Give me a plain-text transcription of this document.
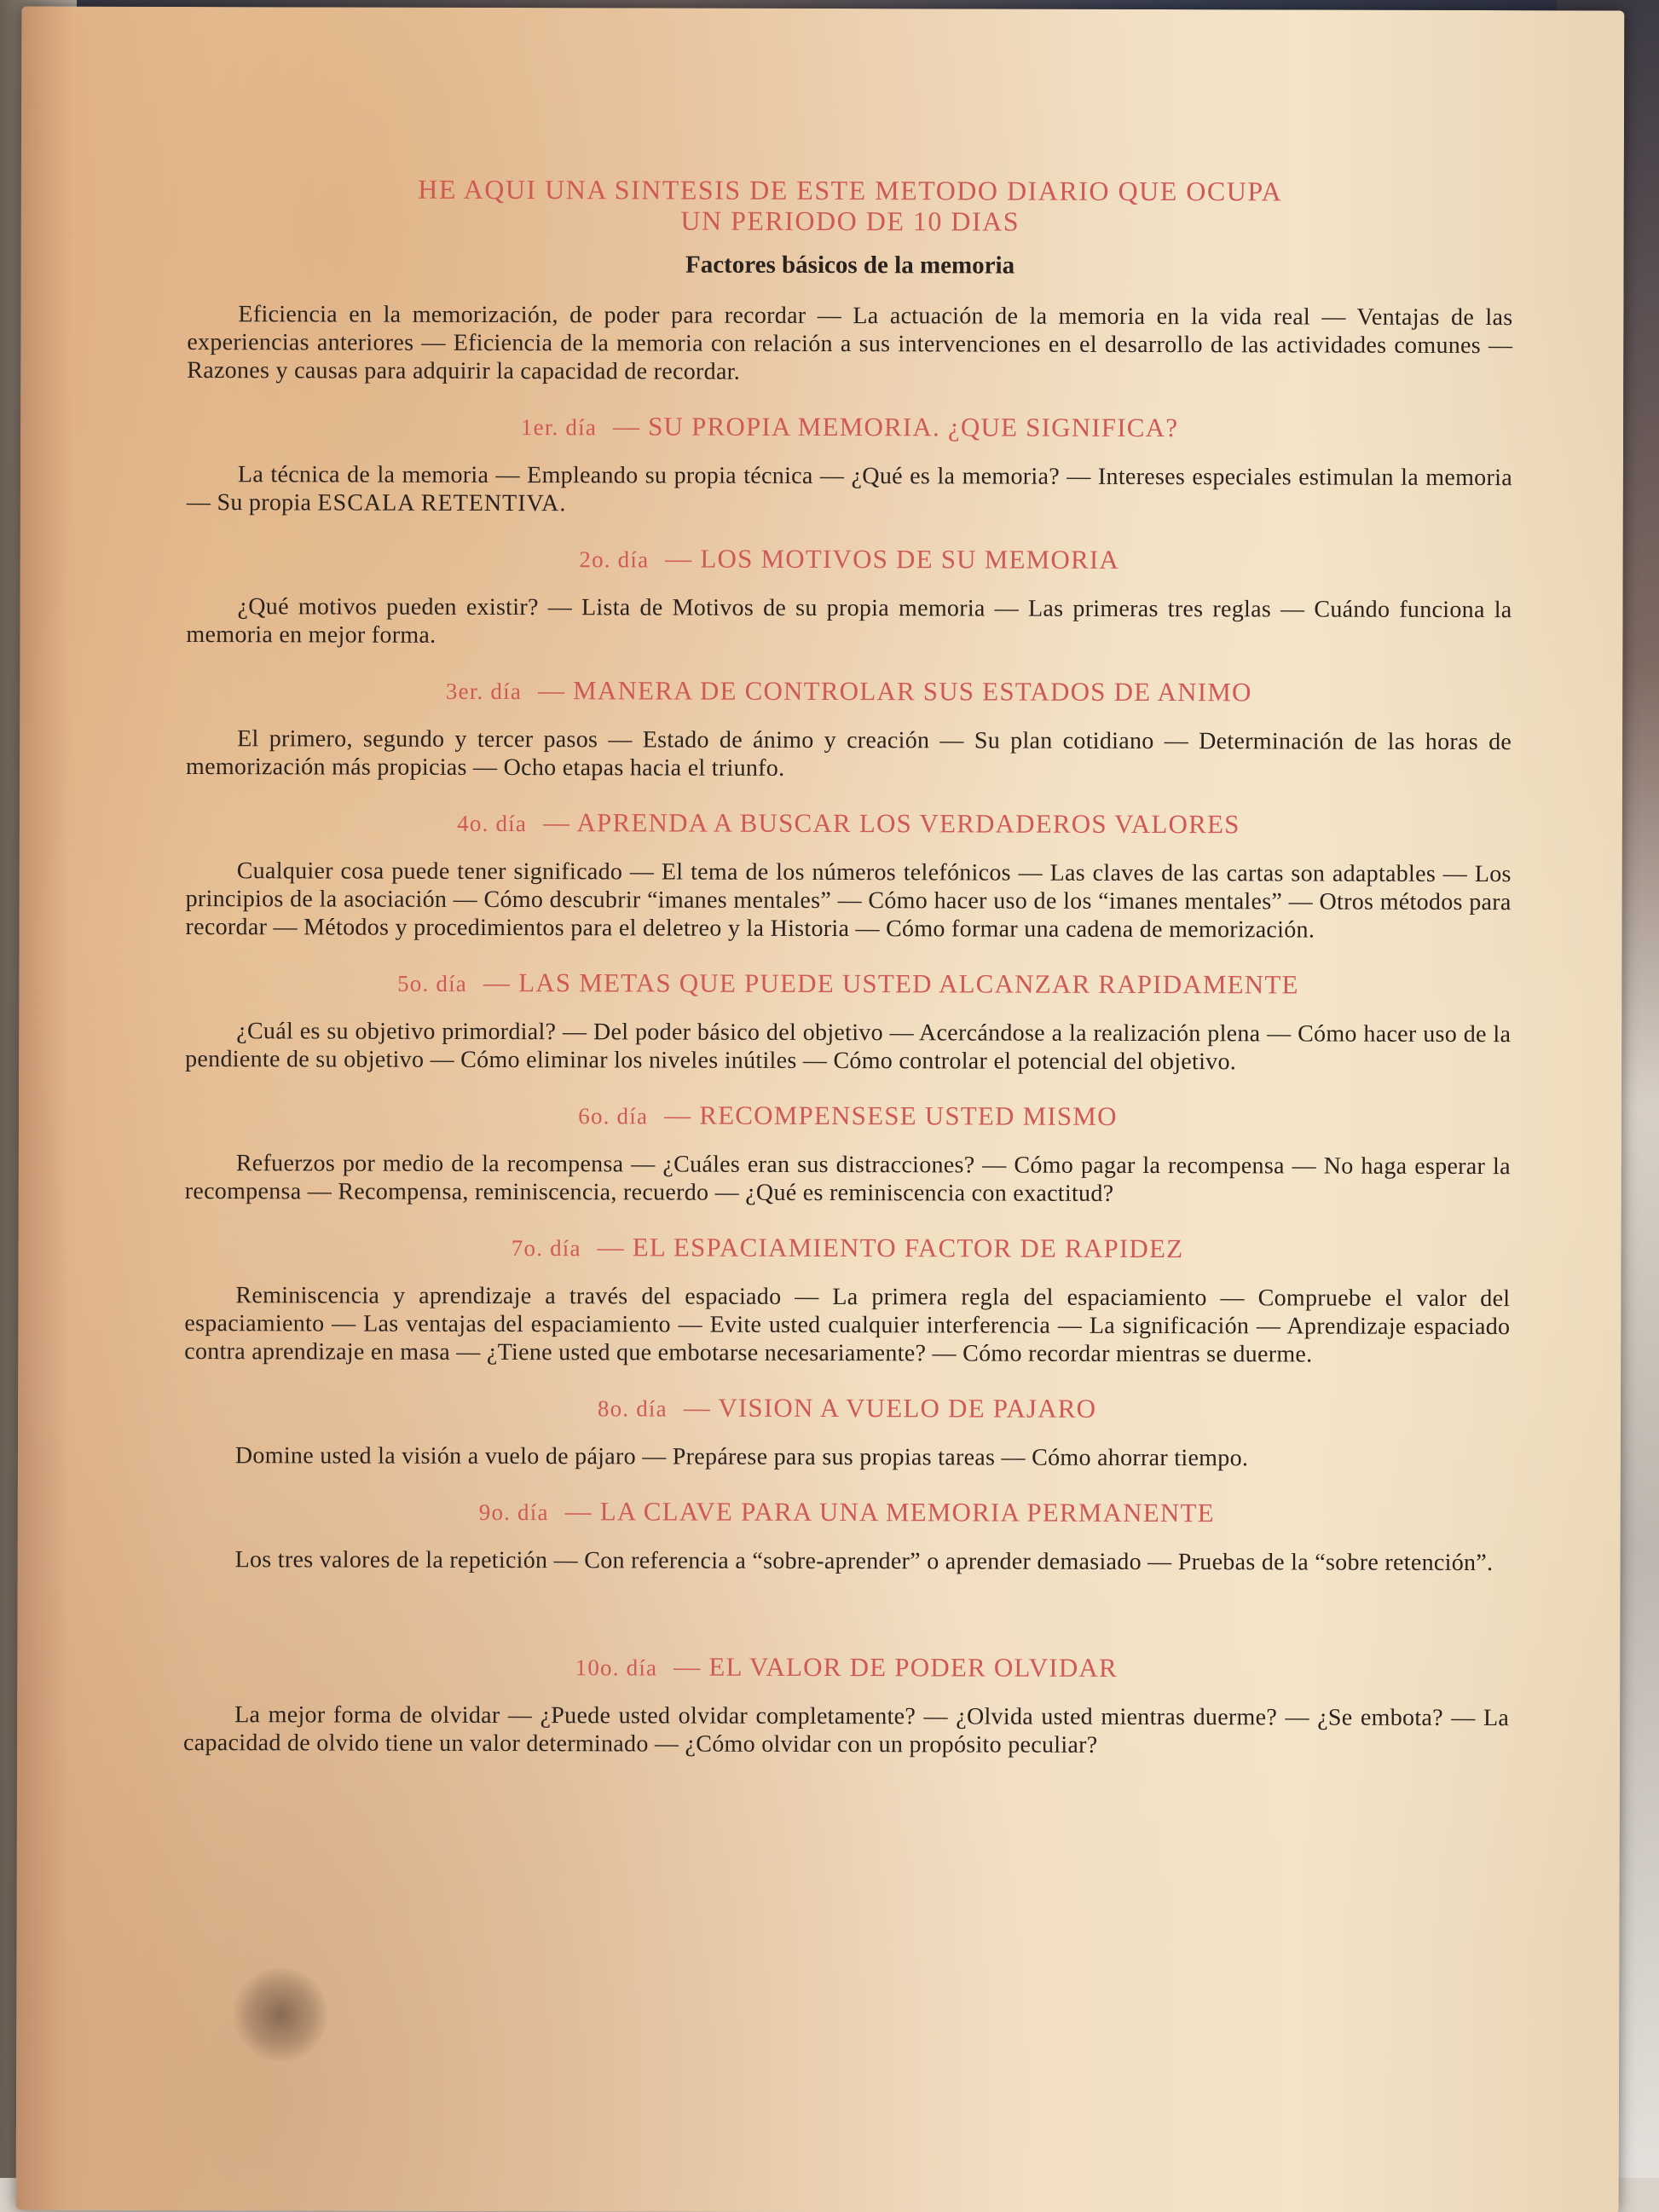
HE AQUI UNA SINTESIS DE ESTE METODO DIARIO QUE OCUPA
UN PERIODO DE 10 DIAS
Factores básicos de la memoria

Eficiencia en la memorización, de poder para recordar — La actuación de la memoria en la vida real — Ventajas de las experiencias anteriores — Eficiencia de la memoria con relación a sus intervenciones en el desarrollo de las actividades comunes — Razones y causas para adquirir la capacidad de recordar.

1er. día — SU PROPIA MEMORIA. ¿QUE SIGNIFICA?

La técnica de la memoria — Empleando su propia técnica — ¿Qué es la memoria? — Intereses especiales estimulan la memoria — Su propia ESCALA RETENTIVA.

2o. día — LOS MOTIVOS DE SU MEMORIA

¿Qué motivos pueden existir? — Lista de Motivos de su propia memoria — Las primeras tres reglas — Cuándo funciona la memoria en mejor forma.

3er. día — MANERA DE CONTROLAR SUS ESTADOS DE ANIMO

El primero, segundo y tercer pasos — Estado de ánimo y creación — Su plan cotidiano — Determinación de las horas de memorización más propicias — Ocho etapas hacia el triunfo.

4o. día — APRENDA A BUSCAR LOS VERDADEROS VALORES

Cualquier cosa puede tener significado — El tema de los números telefónicos — Las claves de las cartas son adaptables — Los principios de la asociación — Cómo descubrir “imanes mentales” — Cómo hacer uso de los “imanes mentales” — Otros métodos para recordar — Métodos y procedimientos para el deletreo y la Historia — Cómo formar una cadena de memorización.

5o. día — LAS METAS QUE PUEDE USTED ALCANZAR RAPIDAMENTE

¿Cuál es su objetivo primordial? — Del poder básico del objetivo — Acercándose a la realización plena — Cómo hacer uso de la pendiente de su objetivo — Cómo eliminar los niveles inútiles — Cómo controlar el potencial del objetivo.

6o. día — RECOMPENSESE USTED MISMO

Refuerzos por medio de la recompensa — ¿Cuáles eran sus distracciones? — Cómo pagar la recompensa — No haga esperar la recompensa — Recompensa, reminiscencia, recuerdo — ¿Qué es reminiscencia con exactitud?

7o. día — EL ESPACIAMIENTO FACTOR DE RAPIDEZ

Reminiscencia y aprendizaje a través del espaciado — La primera regla del espaciamiento — Compruebe el valor del espaciamiento — Las ventajas del espaciamiento — Evite usted cualquier interferencia — La significación — Aprendizaje espaciado contra aprendizaje en masa — ¿Tiene usted que embotarse necesariamente? — Cómo recordar mientras se duerme.

8o. día — VISION A VUELO DE PAJARO

Domine usted la visión a vuelo de pájaro — Prepárese para sus propias tareas — Cómo ahorrar tiempo.

9o. día — LA CLAVE PARA UNA MEMORIA PERMANENTE

Los tres valores de la repetición — Con referencia a “sobre-aprender” o aprender demasiado — Pruebas de la “sobre retención”.

10o. día — EL VALOR DE PODER OLVIDAR

La mejor forma de olvidar — ¿Puede usted olvidar completamente? — ¿Olvida usted mientras duerme? — ¿Se embota? — La capacidad de olvido tiene un valor determinado — ¿Cómo olvidar con un propósito peculiar?
